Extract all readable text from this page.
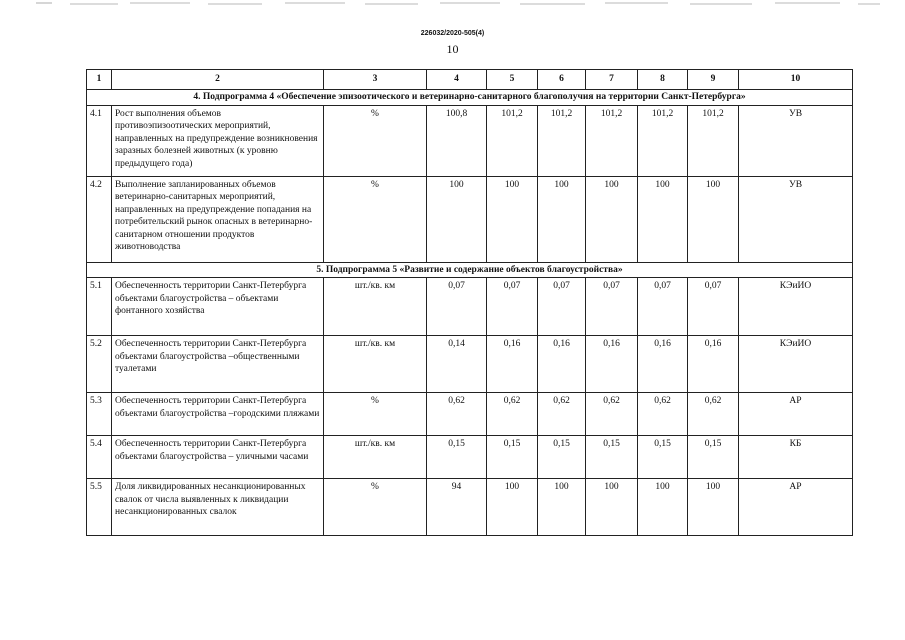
226032/2020-505(4)
10
1	2	3	4	5	6	7	8	9	10
4. Подпрограмма 4 «Обеспечение эпизоотического и ветеринарно-санитарного благополучия на территории Санкт-Петербурга»									
4.1	Рост выполнения объемов противоэпизоотических мероприятий, направленных на предупреждение возникновения заразных болезней животных (к уровню предыдущего года)	%	100,8	101,2	101,2	101,2	101,2	101,2	УВ
4.2	Выполнение запланированных объемов ветеринарно-санитарных мероприятий, направленных на предупреждение попадания на потребительский рынок опасных в ветеринарно-санитарном отношении продуктов животноводства	%	100	100	100	100	100	100	УВ
5. Подпрограмма 5 «Развитие и содержание объектов благоустройства»									
5.1	Обеспеченность территории Санкт-Петербурга объектами благоустройства – объектами фонтанного хозяйства	шт./кв. км	0,07	0,07	0,07	0,07	0,07	0,07	КЭиИО
5.2	Обеспеченность территории Санкт-Петербурга объектами благоустройства –общественными туалетами	шт./кв. км	0,14	0,16	0,16	0,16	0,16	0,16	КЭиИО
5.3	Обеспеченность территории Санкт-Петербурга объектами благоустройства –городскими пляжами	%	0,62	0,62	0,62	0,62	0,62	0,62	АР
5.4	Обеспеченность территории Санкт-Петербурга объектами благоустройства – уличными часами	шт./кв. км	0,15	0,15	0,15	0,15	0,15	0,15	КБ
5.5	Доля ликвидированных несанкционированных свалок от числа выявленных к ликвидации несанкционированных свалок	%	94	100	100	100	100	100	АР
